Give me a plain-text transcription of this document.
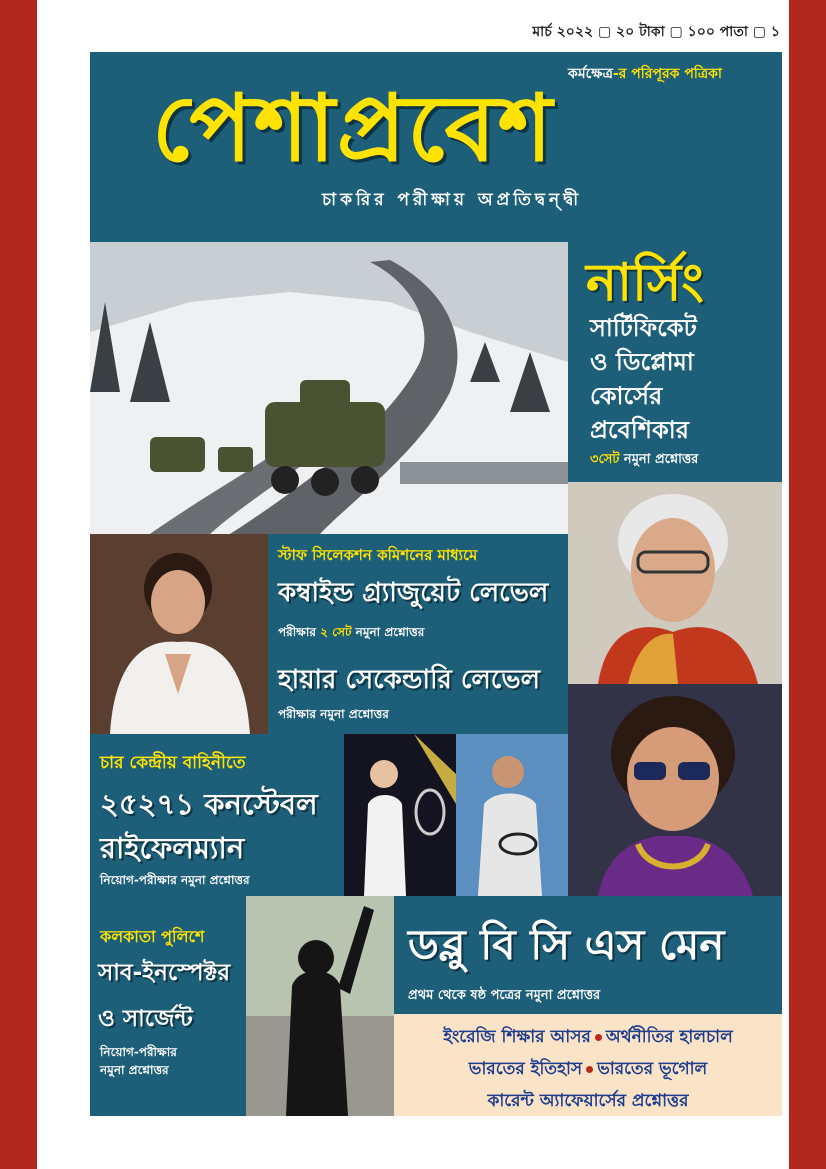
মার্চ ২০২২ ▢ ২০ টাকা ▢ ১০০ পাতা ▢ ১
কর্মক্ষেত্র-র পরিপূরক পত্রিকা
পেশাপ্রবেশ
চাকরির পরীক্ষায় অপ্রতিদ্বন্দ্বী
নার্সিং
সার্টিফিকেট
ও ডিপ্লোমা
কোর্সের
প্রবেশিকার
৩সেট নমুনা প্রশ্নোত্তর
স্টাফ সিলেকশন কমিশনের মাধ্যমে
কম্বাইন্ড গ্র্যাজুয়েট লেভেল
পরীক্ষার ২ সেট নমুনা প্রশ্নোত্তর
হায়ার সেকেন্ডারি লেভেল
পরীক্ষার নমুনা প্রশ্নোত্তর
চার কেন্দ্রীয় বাহিনীতে
২৫২৭১ কনস্টেবল
রাইফেলম্যান
নিয়োগ-পরীক্ষার নমুনা প্রশ্নোত্তর
কলকাতা পুলিশে
সাব-ইনস্পেক্টর
ও সার্জেন্ট
নিয়োগ-পরীক্ষার
নমুনা প্রশ্নোত্তর
ডব্লু বি সি এস মেন
প্রথম থেকে ষষ্ঠ পত্রের নমুনা প্রশ্নোত্তর
ইংরেজি শিক্ষার আসর অর্থনীতির হালচাল
ভারতের ইতিহাস ভারতের ভূগোল
কারেন্ট অ্যাফেয়ার্সের প্রশ্নোত্তর
